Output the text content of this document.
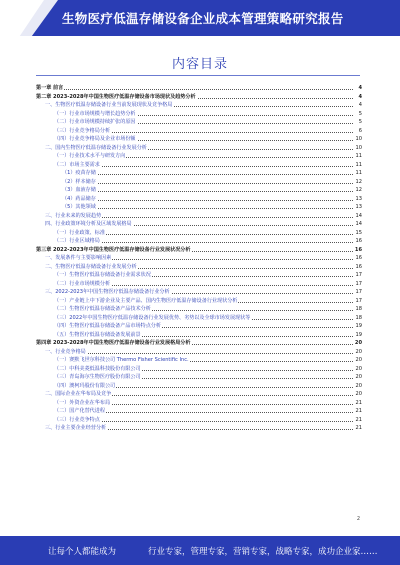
生物医疗低温存储设备企业成本管理策略研究报告
内容目录
第一章 前言	4
第二章 2023-2028年中国生物医疗低温存储设备市场现状及趋势分析	4
一、生物医疗低温存储设备行业当前发展现状及竞争格局	4
（一）行业市场规模与增长趋势分析	5
（二）行业市场规模持续扩张的原因	5
（三）行业竞争格局分析	6
（四）行业竞争格局及企业市场份额	10
二、国内生物医疗低温存储设备行业发展分析	10
（一）行业技术水平与研发方向	11
（二）市场主要需求	11
（1）疫苗存储	11
（2）样本储存	12
（3）血液存储	12
（4）药品储存	13
（5）其他领域	13
三、行业未来的发展趋势	14
四、行业政策环境分析及区域发展格局	14
（一）行业政策、标准	15
（二）行业区域格局	16
第三章 2022-2023年中国生物医疗低温存储设备行业发展状况分析	16
一、发展条件与主要影响因素	16
二、生物医疗低温存储设备行业发展分析	16
（一）生物医疗低温存储设备行业需求状况	17
（二）行业市场规模分析	17
三、2022-2023年中国生物医疗低温存储设备行业分析	17
（一）产业链上中下游企业及主要产品、国内生物医疗低温存储设备行业现状分析	17
（二）生物医疗低温存储设备产品技术分析	18
（三）2022年中国生物医疗低温存储设备行业发展优势、劣势以及全球市场发展现状等	18
（四）生物医疗低温存储设备产品市场特点分析	19
（五）生物医疗低温存储设备发展前景	19
第四章 2023-2028年中国生物医疗低温存储设备行业发展格局分析	20
一、行业竞争格局	20
（一）赛默飞世尔科技公司 Thermo Fisher Scientific Inc.	20
（二）中科美菱低温科技股份有限公司	20
（三）青岛海尔生物医疗股份有限公司	20
（四）澳柯玛股份有限公司	20
二、国际企业在华布局及竞争	20
（一）外资企业在华布局	21
（二）国产化替代进程	21
（三）行业竞争特点	21
三、行业主要企业经营分析	21
2
让每个人都能成为	行业专家，管理专家，营销专家，战略专家，成功企业家……
